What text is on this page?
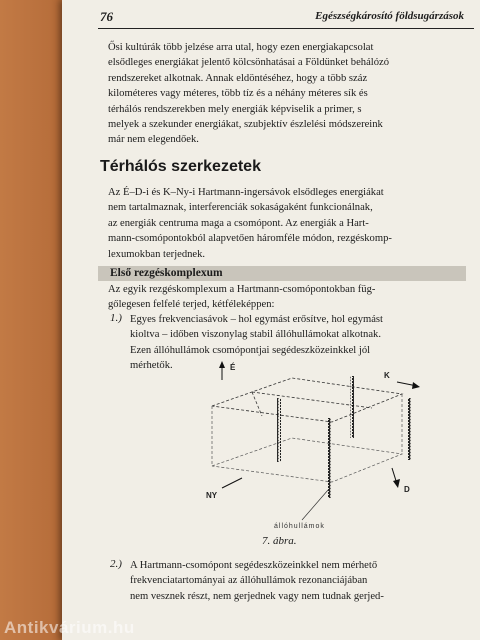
76	Egészségkárosító földsugárzások
Ősi kultúrák több jelzése arra utal, hogy ezen energiakapcsolat
elsődleges energiákat jelentő kölcsönhatásai a Földünket behálózó
rendszereket alkotnak. Annak eldöntéséhez, hogy a több száz
kilométeres vagy méteres, több tíz és a néhány méteres sík és
térhálós rendszerekben mely energiák képviselik a primer, s
melyek a szekunder energiákat, szubjektív észlelési módszereink
már nem elegendőek.
Térhálós szerkezetek
Az É–D-i és K–Ny-i Hartmann-ingersávok elsődleges energiákat
nem tartalmaznak, interferenciák sokaságaként funkcionálnak,
az energiák centruma maga a csomópont. Az energiák a Hart-
mann-csomópontokból alapvetően háromféle módon, rezgéskomp-
lexumokban terjednek.
Első rezgéskomplexum
Az egyik rezgéskomplexum a Hartmann-csomópontokban füg-
gőlegesen felfelé terjed, kétféleképpen:
1.) Egyes frekvenciasávok – hol egymást erősítve, hol egymást
kioltva – időben viszonylag stabil állóhullámokat alkotnak.
Ezen állóhullámok csomópontjai segédeszközeinkkel jól
mérhetők.	É
K
NY
D
állóhullámok
7. ábra.
2.) A Hartmann-csomópont segédeszközeinkkel nem mérhető
frekvenciatartományai az állóhullámok rezonanciájában
nem vesznek részt, nem gerjednek vagy nem tudnak gerjed-
Antikvárium.hu
